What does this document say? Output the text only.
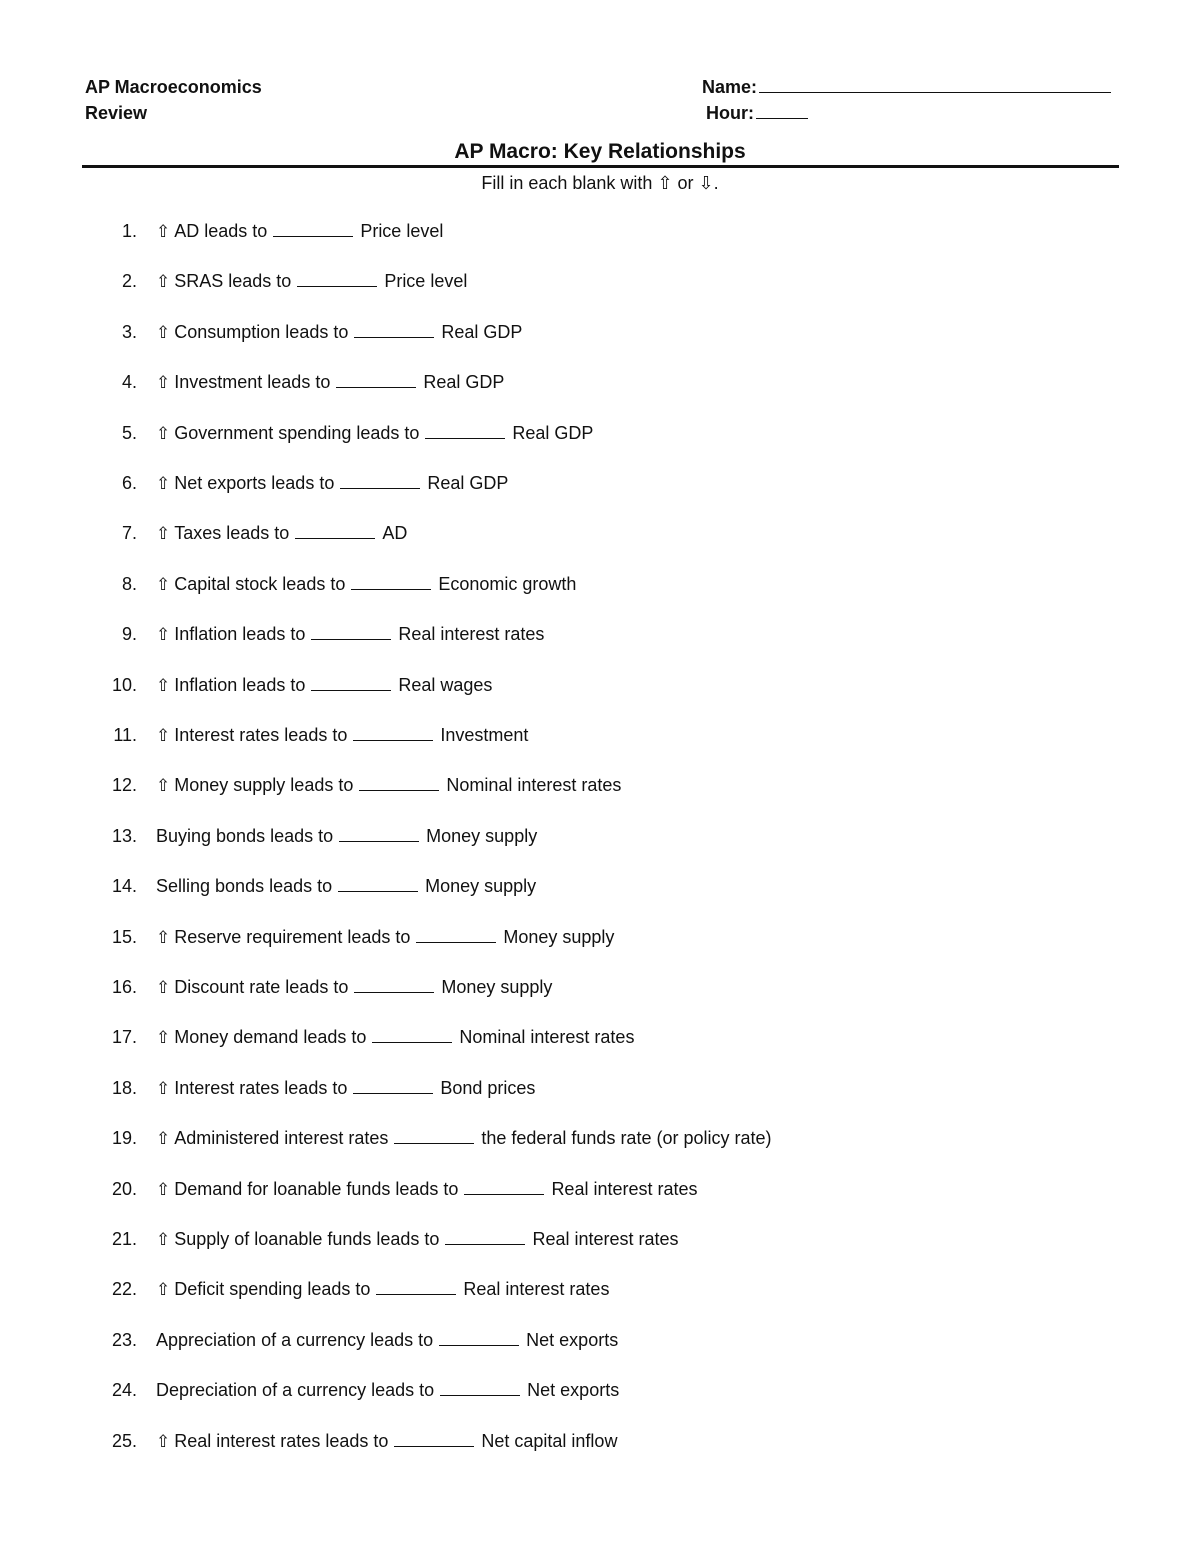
AP Macroeconomics
Review
Name:
Hour:
AP Macro: Key Relationships
Fill in each blank with ⇧ or ⇩.
1. ⇧ AD leads to	Price level
2. ⇧ SRAS leads to	Price level
3. ⇧ Consumption leads to	Real GDP
4. ⇧ Investment leads to	Real GDP
5. ⇧ Government spending leads to	Real GDP
6. ⇧ Net exports leads to	Real GDP
7. ⇧ Taxes leads to	AD
8. ⇧ Capital stock leads to	Economic growth
9. ⇧ Inflation leads to	Real interest rates
10. ⇧ Inflation leads to	Real wages
11. ⇧ Interest rates leads to	Investment
12. ⇧ Money supply leads to	Nominal interest rates
13. Buying bonds leads to	Money supply
14. Selling bonds leads to	Money supply
15. ⇧ Reserve requirement leads to	Money supply
16. ⇧ Discount rate leads to	Money supply
17. ⇧ Money demand leads to	Nominal interest rates
18. ⇧ Interest rates leads to	Bond prices
19. ⇧ Administered interest rates	the federal funds rate (or policy rate)
20. ⇧ Demand for loanable funds leads to	Real interest rates
21. ⇧ Supply of loanable funds leads to	Real interest rates
22. ⇧ Deficit spending leads to	Real interest rates
23. Appreciation of a currency leads to	Net exports
24. Depreciation of a currency leads to	Net exports
25. ⇧ Real interest rates leads to	Net capital inflow
